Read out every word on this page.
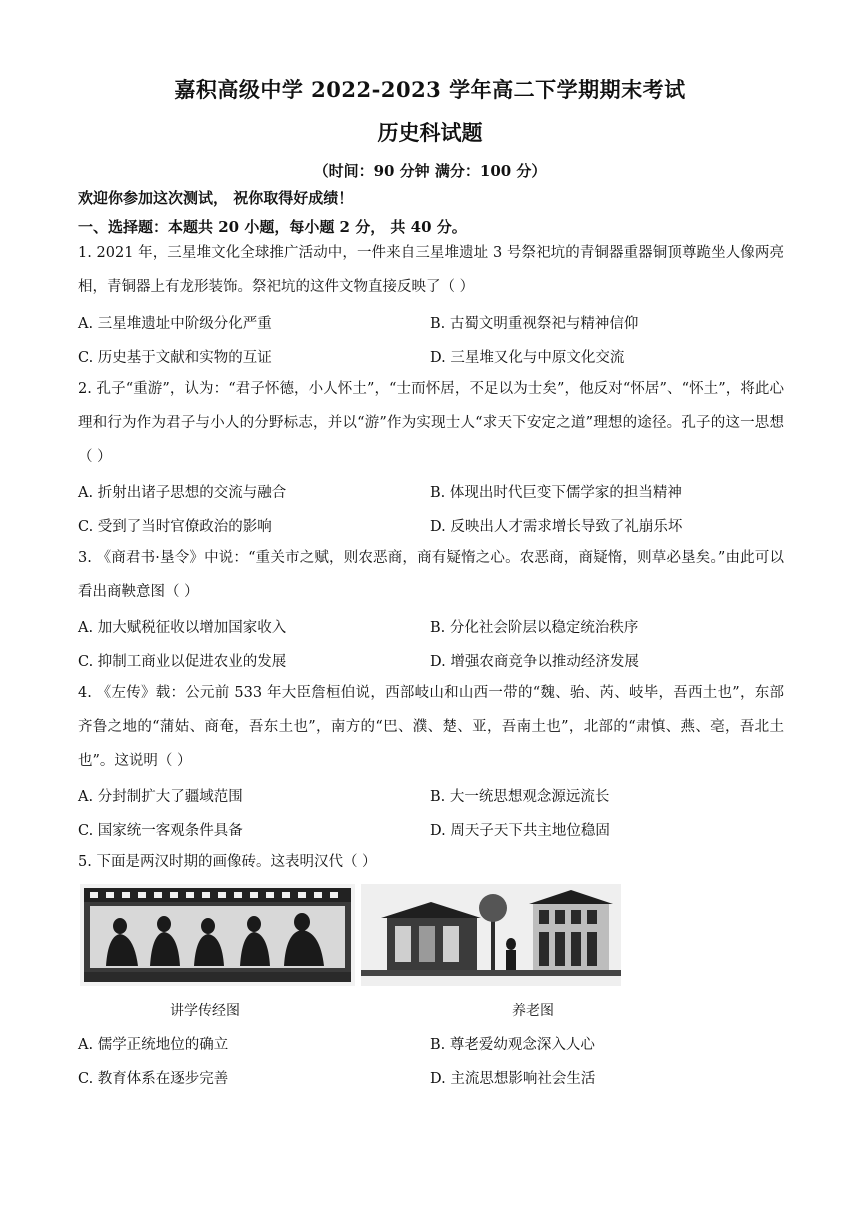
嘉积高级中学 2022-2023 学年高二下学期期末考试
历史科试题
（时间：90 分钟 满分：100 分）
欢迎你参加这次测试， 祝你取得好成绩！
一、选择题：本题共 20 小题，每小题 2 分， 共 40 分。
1. 2021 年，三星堆文化全球推广活动中，一件来自三星堆遗址 3 号祭祀坑的青铜器重器铜顶尊跪坐人像两亮相，青铜器上有龙形装饰。祭祀坑的这件文物直接反映了（ ）
A. 三星堆遗址中阶级分化严重	B. 古蜀文明重视祭祀与精神信仰
C. 历史基于文献和实物的互证	D. 三星堆又化与中原文化交流
2. 孔子“重游”，认为：“君子怀德，小人怀土”，“士而怀居，不足以为士矣”，他反对“怀居”、“怀土”，将此心理和行为作为君子与小人的分野标志，并以“游”作为实现士人“求天下安定之道”理想的途径。孔子的这一思想（ ）
A. 折射出诸子思想的交流与融合	B. 体现出时代巨变下儒学家的担当精神
C. 受到了当时官僚政治的影响	D. 反映出人才需求增长导致了礼崩乐坏
3. 《商君书·垦令》中说：“重关市之赋，则农恶商，商有疑惰之心。农恶商，商疑惰，则草必垦矣。”由此可以看出商鞅意图（ ）
A. 加大赋税征收以增加国家收入	B. 分化社会阶层以稳定统治秩序
C. 抑制工商业以促进农业的发展	D. 增强农商竞争以推动经济发展
4. 《左传》载：公元前 533 年大臣詹桓伯说，西部岐山和山西一带的“魏、骀、芮、岐毕，吾西土也”，东部齐鲁之地的“蒲姑、商奄，吾东土也”，南方的“巴、濮、楚、亚，吾南土也”，北部的“肃慎、燕、亳，吾北土也”。这说明（ ）
A. 分封制扩大了疆域范围	B. 大一统思想观念源远流长
C. 国家统一客观条件具备	D. 周天子天下共主地位稳固
5. 下面是两汉时期的画像砖。这表明汉代（ ）
讲学传经图	养老图
A. 儒学正统地位的确立	B. 尊老爱幼观念深入人心
C. 教育体系在逐步完善	D. 主流思想影响社会生活
